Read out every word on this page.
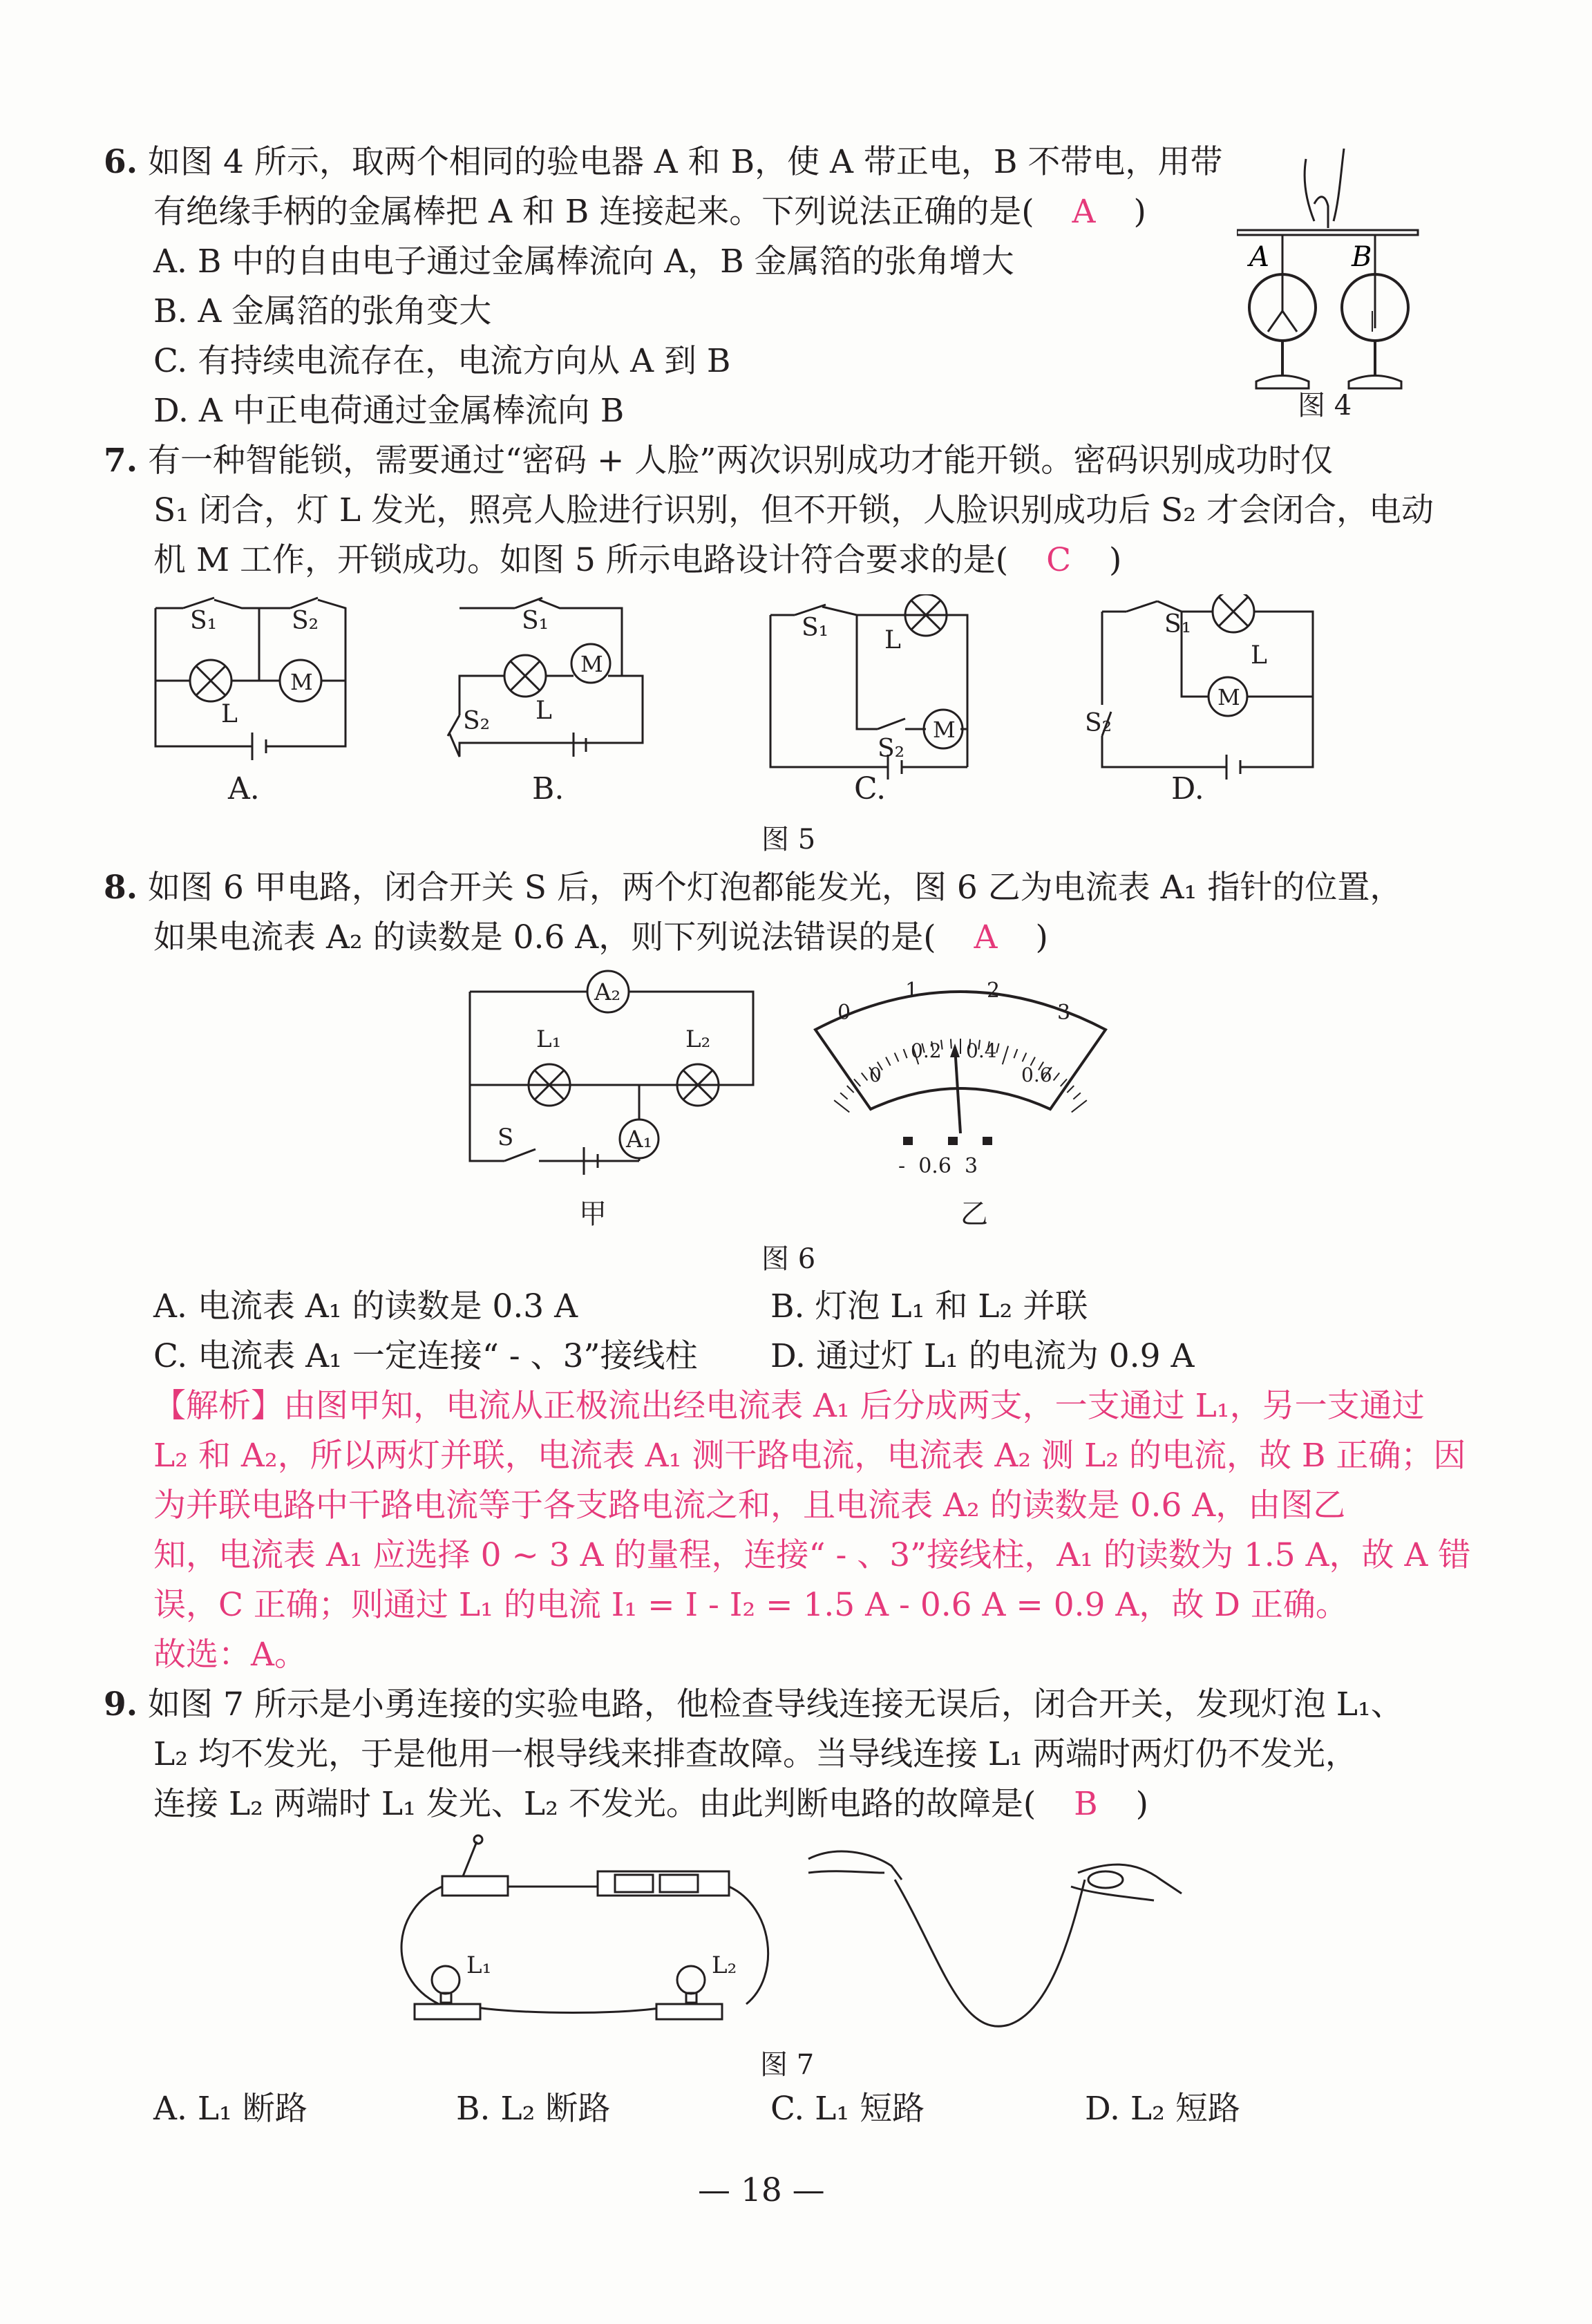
6. 如图 4 所示，取两个相同的验电器 A 和 B，使 A 带正电，B 不带电，用带
有绝缘手柄的金属棒把 A 和 B 连接起来。下列说法正确的是( A )
A. B 中的自由电子通过金属棒流向 A，B 金属箔的张角增大
B. A 金属箔的张角变大
C. 有持续电流存在，电流方向从 A 到 B
D. A 中正电荷通过金属棒流向 B
A	B
图 4
7. 有一种智能锁，需要通过“密码 + 人脸”两次识别成功才能开锁。密码识别成功时仅
S₁ 闭合，灯 L 发光，照亮人脸进行识别，但不开锁，人脸识别成功后 S₂ 才会闭合，电动
机 M 工作，开锁成功。如图 5 所示电路设计符合要求的是( C )
S₁	S₂
L
M
S₁
L
M
S₂
S₁ L
S₂
M
S₁
L
M
S₂
A.	B.	C.	D.
图 5
8. 如图 6 甲电路，闭合开关 S 后，两个灯泡都能发光，图 6 乙为电流表 A₁ 指针的位置，
如果电流表 A₂ 的读数是 0.6 A，则下列说法错误的是( A )
A₂
L₁	L₂
A₁
S
甲
0
1	2
3
0
0.2 0.4
0.6
-  0.6  3
乙
图 6
A. 电流表 A₁ 的读数是 0.3 A	B. 灯泡 L₁ 和 L₂ 并联
C. 电流表 A₁ 一定连接“ - 、3”接线柱 D. 通过灯 L₁ 的电流为 0.9 A
【解析】由图甲知，电流从正极流出经电流表 A₁ 后分成两支，一支通过 L₁，另一支通过
L₂ 和 A₂，所以两灯并联，电流表 A₁ 测干路电流，电流表 A₂ 测 L₂ 的电流，故 B 正确；因
为并联电路中干路电流等于各支路电流之和，且电流表 A₂ 的读数是 0.6 A，由图乙
知，电流表 A₁ 应选择 0 ~ 3 A 的量程，连接“ - 、3”接线柱，A₁ 的读数为 1.5 A，故 A 错
误，C 正确；则通过 L₁ 的电流 I₁ = I - I₂ = 1.5 A - 0.6 A = 0.9 A，故 D 正确。
故选：A。
9. 如图 7 所示是小勇连接的实验电路，他检查导线连接无误后，闭合开关，发现灯泡 L₁、
L₂ 均不发光，于是他用一根导线来排查故障。当导线连接 L₁ 两端时两灯仍不发光，
连接 L₂ 两端时 L₁ 发光、L₂ 不发光。由此判断电路的故障是( B )
L₁	L₂
图 7
A. L₁ 断路	B. L₂ 断路	C. L₁ 短路	D. L₂ 短路
— 18 —
